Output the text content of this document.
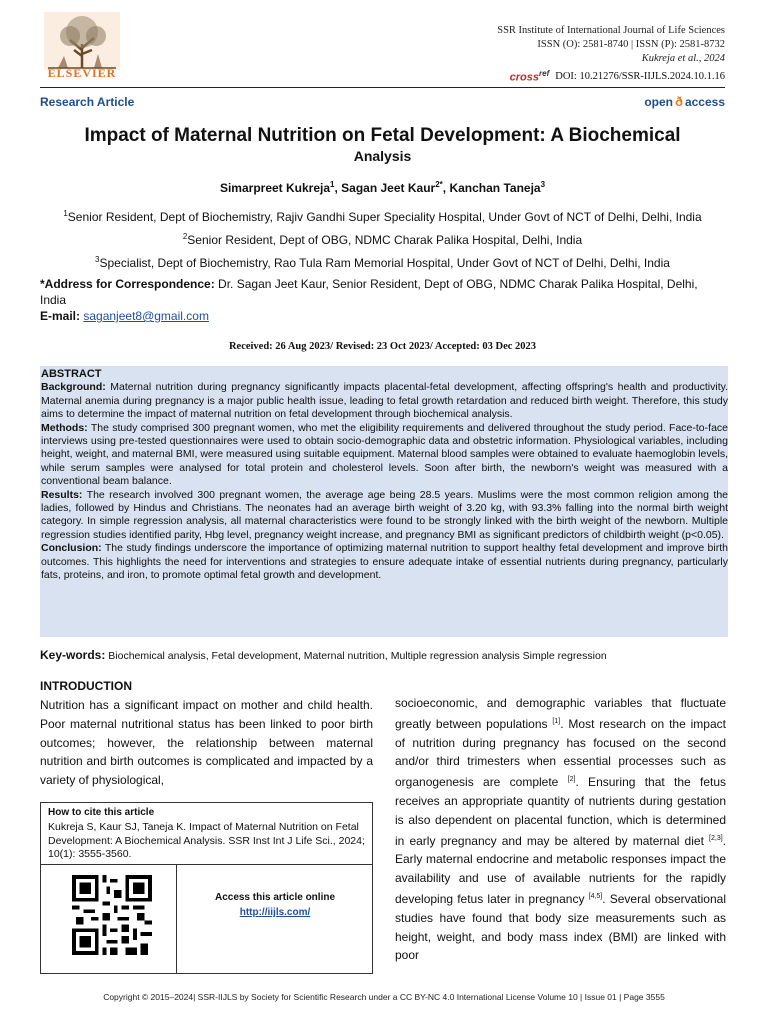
ELSEVIER
SSR Institute of International Journal of Life Sciences
ISSN (O): 2581-8740 | ISSN (P): 2581-8732
Kukreja et al., 2024
cross$^{ref}$ DOI: 10.21276/SSR-IIJLS.2024.10.1.16
Research Article	open ð access
Impact of Maternal Nutrition on Fetal Development: A Biochemical
Analysis
Simarpreet Kukreja$^1$, Sagan Jeet Kaur$^{2*}$, Kanchan Taneja$^3$
$^1$Senior Resident, Dept of Biochemistry, Rajiv Gandhi Super Speciality Hospital, Under Govt of NCT of Delhi, Delhi, India
$^2$Senior Resident, Dept of OBG, NDMC Charak Palika Hospital, Delhi, India
$^3$Specialist, Dept of Biochemistry, Rao Tula Ram Memorial Hospital, Under Govt of NCT of Delhi, Delhi, India
*Address for Correspondence: Dr. Sagan Jeet Kaur, Senior Resident, Dept of OBG, NDMC Charak Palika Hospital, Delhi, India
E-mail: saganjeet8@gmail.com
Received: 26 Aug 2023/ Revised: 23 Oct 2023/ Accepted: 03 Dec 2023
ABSTRACT

Background: Maternal nutrition during pregnancy significantly impacts placental-fetal development, affecting offspring's health and productivity. Maternal anemia during pregnancy is a major public health issue, leading to fetal growth retardation and reduced birth weight. Therefore, this study aims to determine the impact of maternal nutrition on fetal development through biochemical analysis.

Methods: The study comprised 300 pregnant women, who met the eligibility requirements and delivered throughout the study period. Face-to-face interviews using pre-tested questionnaires were used to obtain socio-demographic data and obstetric information. Physiological variables, including height, weight, and maternal BMI, were measured using suitable equipment. Maternal blood samples were obtained to evaluate haemoglobin levels, while serum samples were analysed for total protein and cholesterol levels. Soon after birth, the newborn's weight was measured with a conventional beam balance.

Results: The research involved 300 pregnant women, the average age being 28.5 years. Muslims were the most common religion among the ladies, followed by Hindus and Christians. The neonates had an average birth weight of 3.20 kg, with 93.3% falling into the normal birth weight category. In simple regression analysis, all maternal characteristics were found to be strongly linked with the birth weight of the newborn. Multiple regression studies identified parity, Hbg level, pregnancy weight increase, and pregnancy BMI as significant predictors of childbirth weight (p<0.05).

Conclusion: The study findings underscore the importance of optimizing maternal nutrition to support healthy fetal development and improve birth outcomes. This highlights the need for interventions and strategies to ensure adequate intake of essential nutrients during pregnancy, particularly fats, proteins, and iron, to promote optimal fetal growth and development.

Key-words: Biochemical analysis, Fetal development, Maternal nutrition, Multiple regression analysis Simple regression
INTRODUCTION
Nutrition has a significant impact on mother and child health. Poor maternal nutritional status has been linked to poor birth outcomes; however, the relationship between maternal nutrition and birth outcomes is complicated and impacted by a variety of physiological,
How to cite this article
Kukreja S, Kaur SJ, Taneja K. Impact of Maternal Nutrition on Fetal Development: A Biochemical Analysis. SSR Inst Int J Life Sci., 2024; 10(1): 3555-3560.
Access this article online
http://iijls.com/
socioeconomic, and demographic variables that fluctuate greatly between populations [1]. Most research on the impact of nutrition during pregnancy has focused on the second and/or third trimesters when essential processes such as organogenesis are complete [2]. Ensuring that the fetus receives an appropriate quantity of nutrients during gestation is also dependent on placental function, which is determined in early pregnancy and may be altered by maternal diet [2,3]. Early maternal endocrine and metabolic responses impact the availability and use of available nutrients for the rapidly developing fetus later in pregnancy [4,5]. Several observational studies have found that body size measurements such as height, weight, and body mass index (BMI) are linked with poor
Copyright © 2015–2024| SSR-IIJLS by Society for Scientific Research under a CC BY-NC 4.0 International License Volume 10 | Issue 01 | Page 3555
